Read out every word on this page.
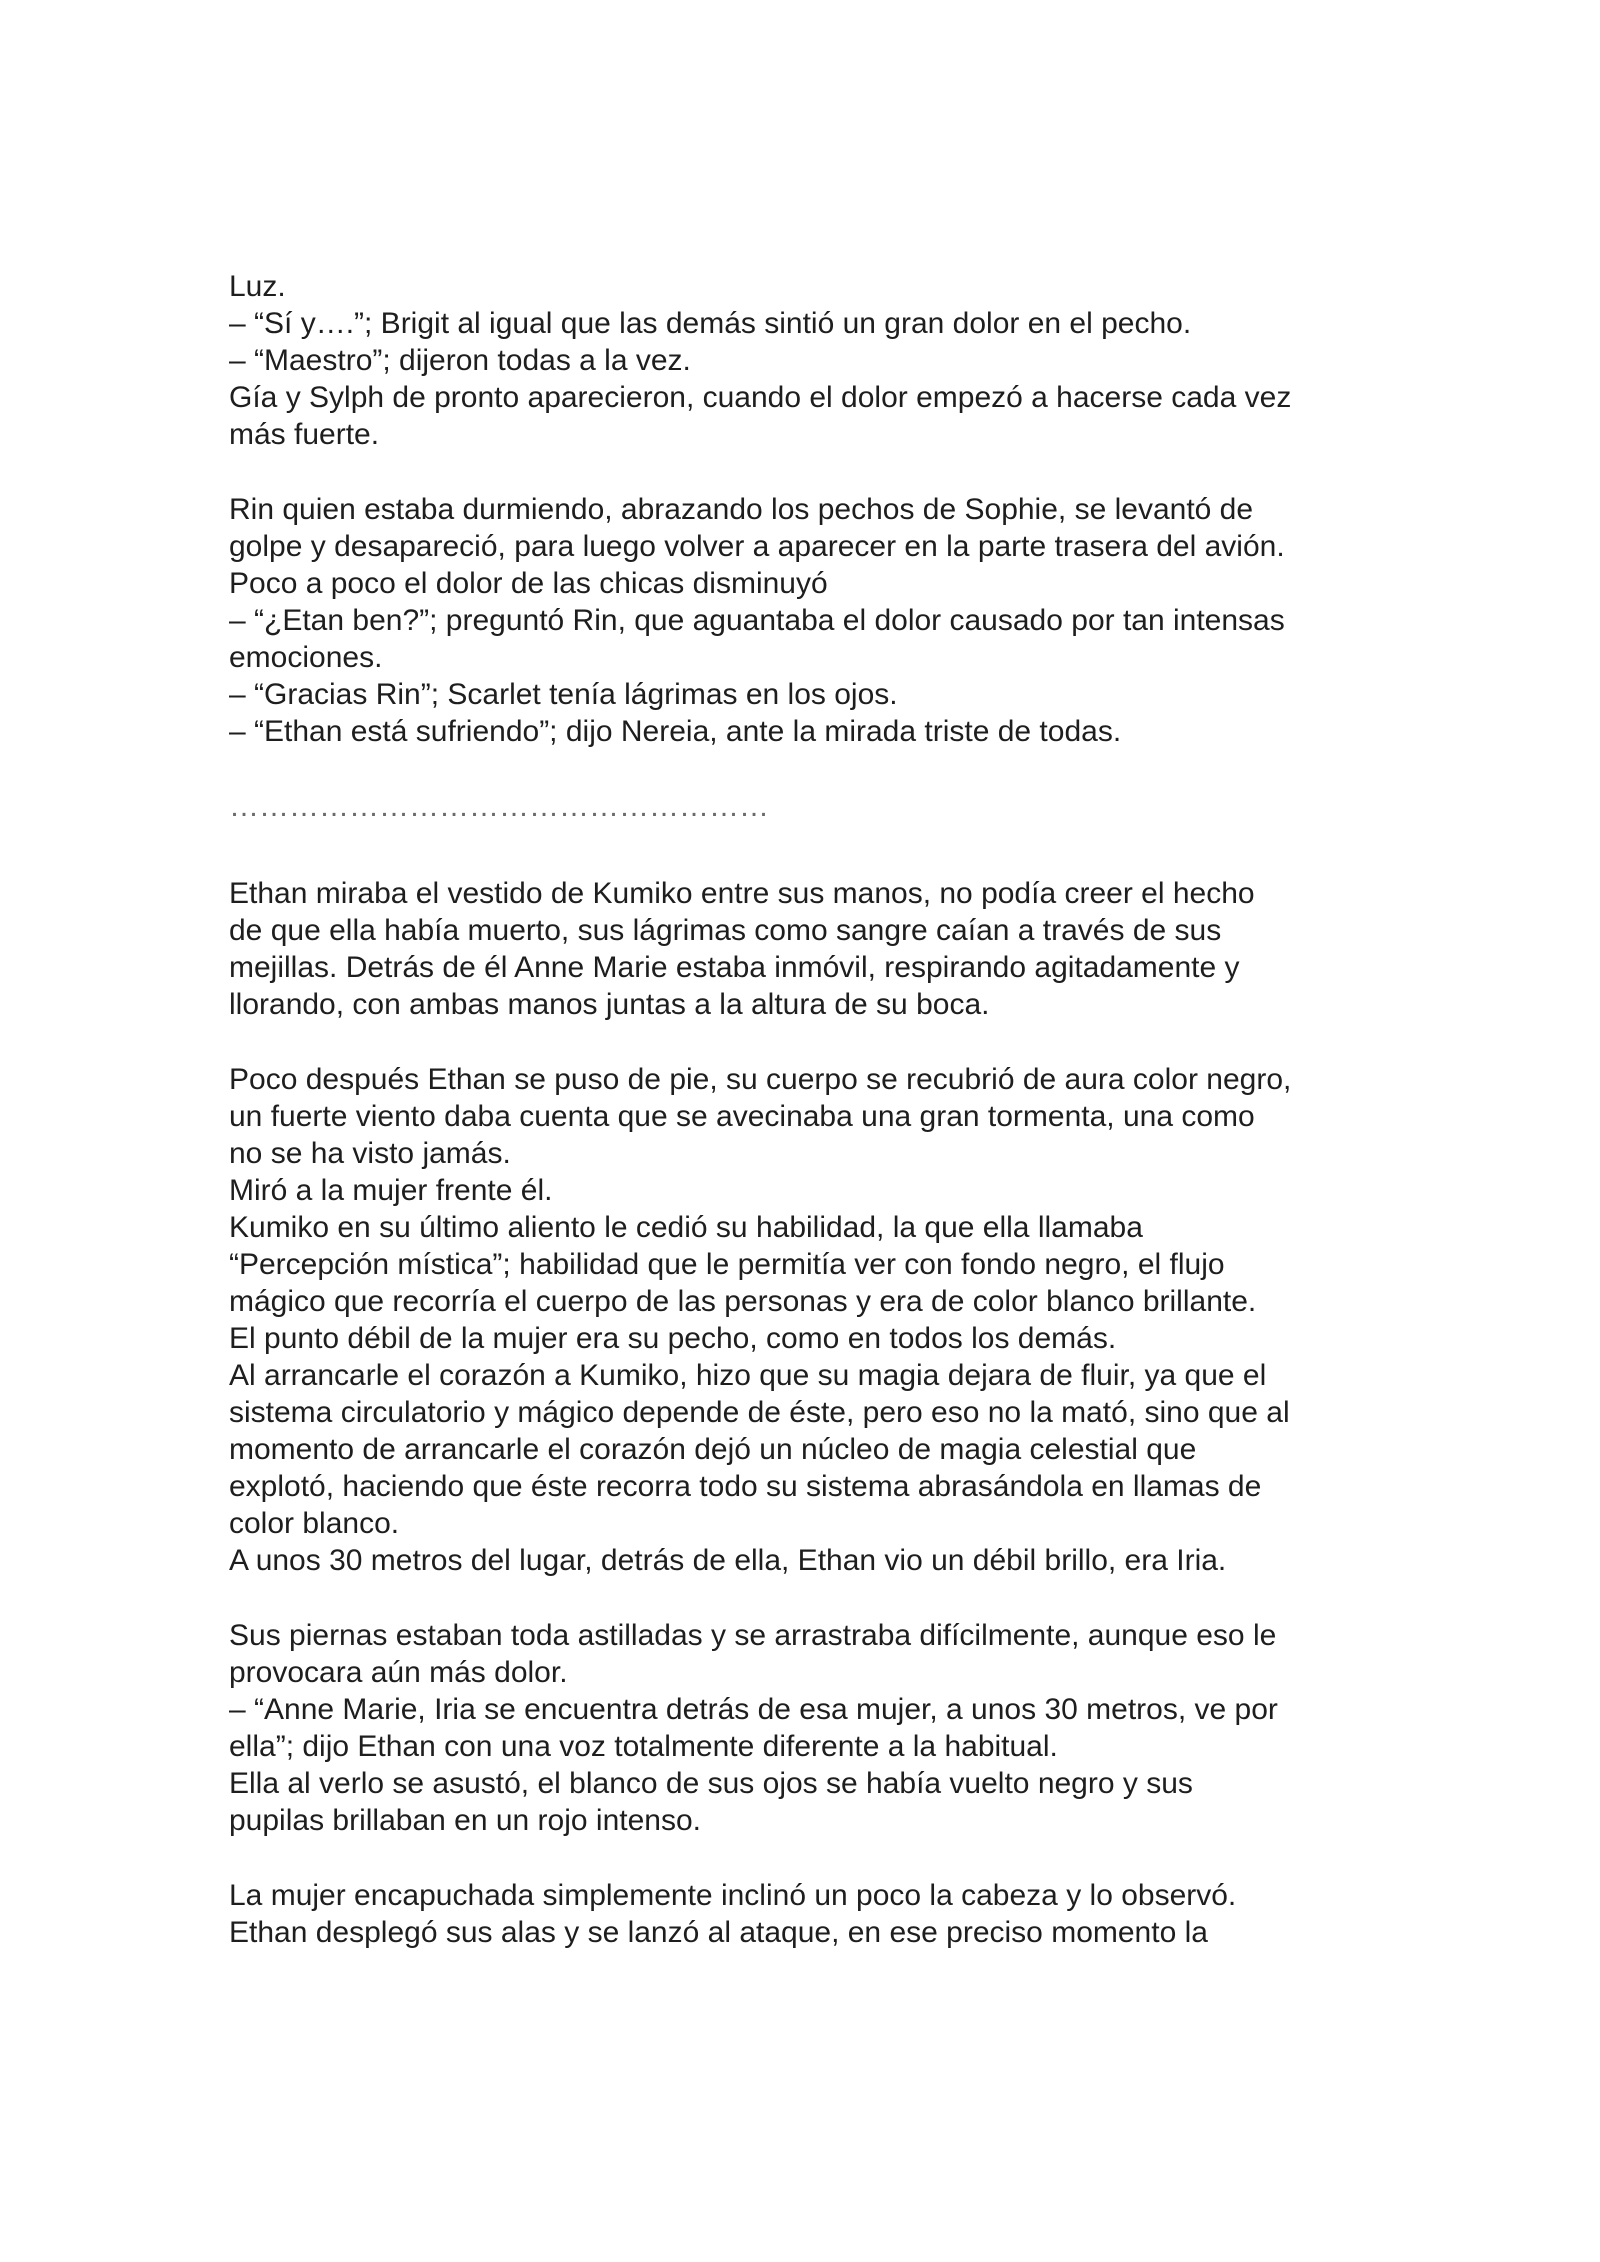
Luz.
– “Sí y….”; Brigit al igual que las demás sintió un gran dolor en el pecho.
– “Maestro”; dijeron todas a la vez.
Gía y Sylph de pronto aparecieron, cuando el dolor empezó a hacerse cada vez
más fuerte.
Rin quien estaba durmiendo, abrazando los pechos de Sophie, se levantó de
golpe y desapareció, para luego volver a aparecer en la parte trasera del avión.
Poco a poco el dolor de las chicas disminuyó
– “¿Etan ben?”; preguntó Rin, que aguantaba el dolor causado por tan intensas
emociones.
– “Gracias Rin”; Scarlet tenía lágrimas en los ojos.
– “Ethan está sufriendo”; dijo Nereia, ante la mirada triste de todas.
………………………………………………
Ethan miraba el vestido de Kumiko entre sus manos, no podía creer el hecho
de que ella había muerto, sus lágrimas como sangre caían a través de sus
mejillas. Detrás de él Anne Marie estaba inmóvil, respirando agitadamente y
llorando, con ambas manos juntas a la altura de su boca.
Poco después Ethan se puso de pie, su cuerpo se recubrió de aura color negro,
un fuerte viento daba cuenta que se avecinaba una gran tormenta, una como
no se ha visto jamás.
Miró a la mujer frente él.
Kumiko en su último aliento le cedió su habilidad, la que ella llamaba
“Percepción mística”; habilidad que le permitía ver con fondo negro, el flujo
mágico que recorría el cuerpo de las personas y era de color blanco brillante.
El punto débil de la mujer era su pecho, como en todos los demás.
Al arrancarle el corazón a Kumiko, hizo que su magia dejara de fluir, ya que el
sistema circulatorio y mágico depende de éste, pero eso no la mató, sino que al
momento de arrancarle el corazón dejó un núcleo de magia celestial que
explotó, haciendo que éste recorra todo su sistema abrasándola en llamas de
color blanco.
A unos 30 metros del lugar, detrás de ella, Ethan vio un débil brillo, era Iria.
Sus piernas estaban toda astilladas y se arrastraba difícilmente, aunque eso le
provocara aún más dolor.
– “Anne Marie, Iria se encuentra detrás de esa mujer, a unos 30 metros, ve por
ella”; dijo Ethan con una voz totalmente diferente a la habitual.
Ella al verlo se asustó, el blanco de sus ojos se había vuelto negro y sus
pupilas brillaban en un rojo intenso.
La mujer encapuchada simplemente inclinó un poco la cabeza y lo observó.
Ethan desplegó sus alas y se lanzó al ataque, en ese preciso momento la
